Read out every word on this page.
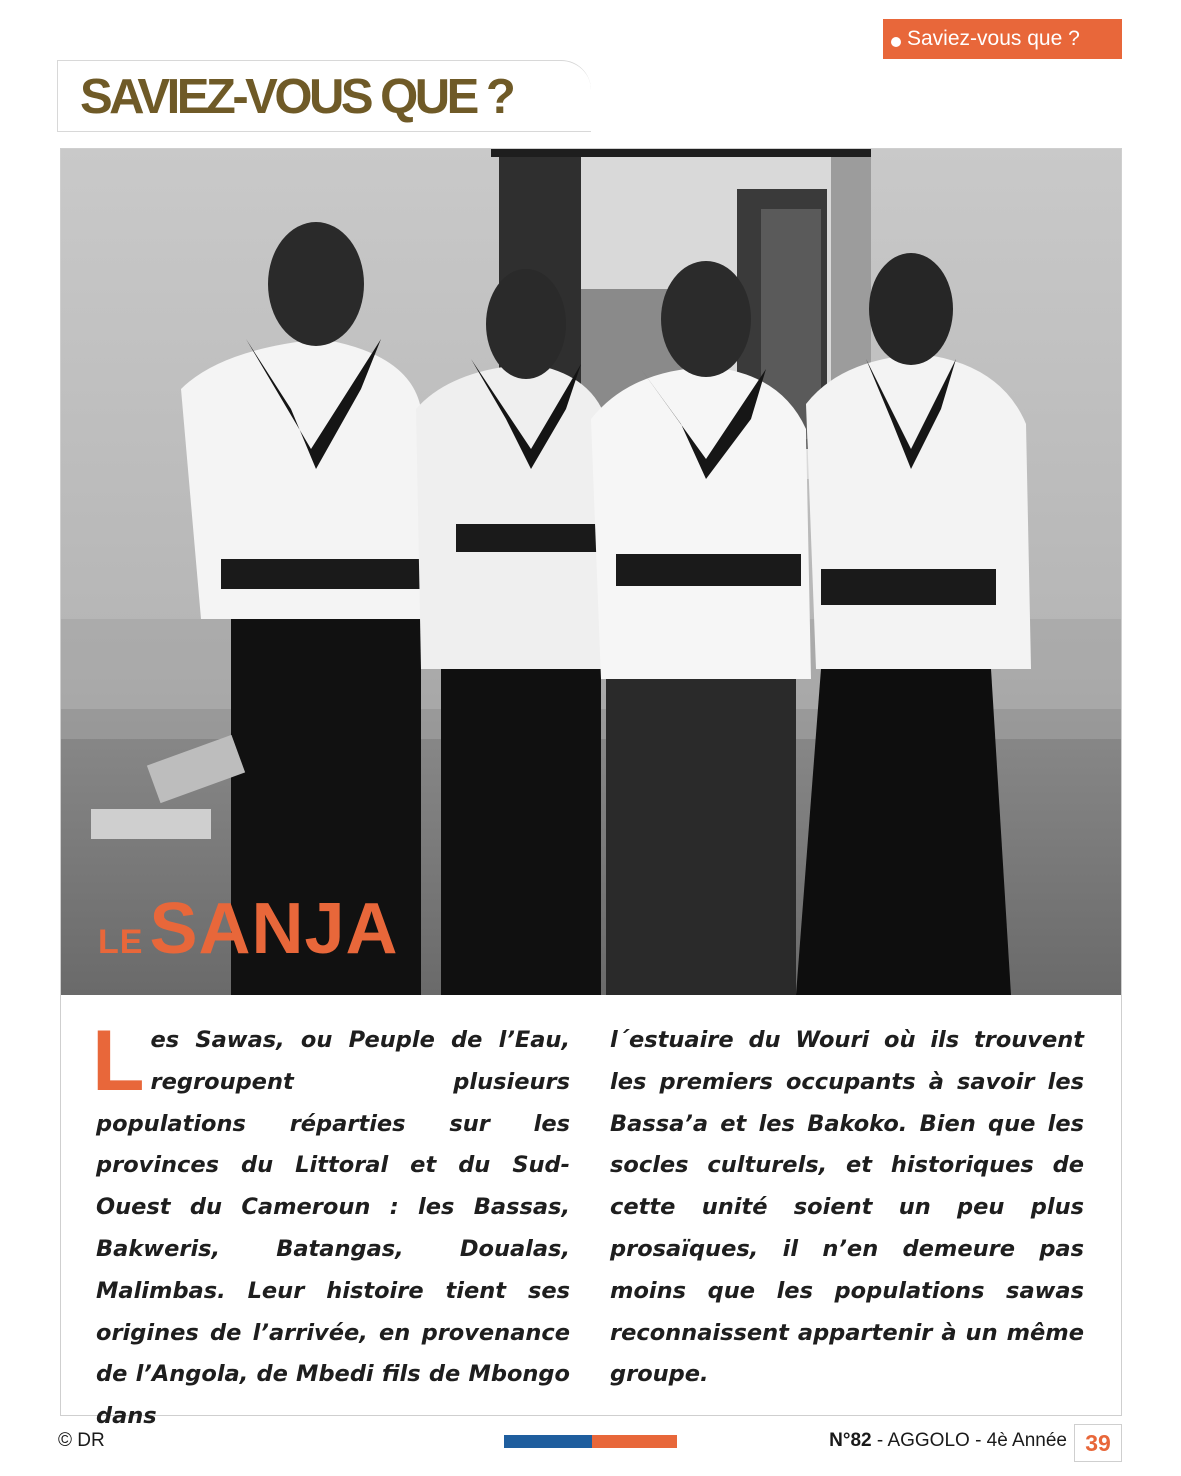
Saviez-vous que ?
SAVIEZ-VOUS QUE ?
LE SANJA
L es Sawas, ou Peuple de l’Eau, regroupent plusieurs populations réparties sur les provinces du Littoral et du Sud-Ouest du Cameroun : les Bassas, Bakweris, Batangas, Doualas, Malimbas. Leur histoire tient ses origines de l’arrivée, en provenance de l’Angola, de Mbedi fils de Mbongo dans
l´estuaire du Wouri où ils trouvent les premiers occupants à savoir les Bassa’a et les Bakoko. Bien que les socles culturels, et historiques de cette unité soient un peu plus prosaïques, il n’en demeure pas moins que les populations sawas reconnaissent appartenir à un même groupe.
© DR	N°82 - AGGOLO - 4è Année 39
